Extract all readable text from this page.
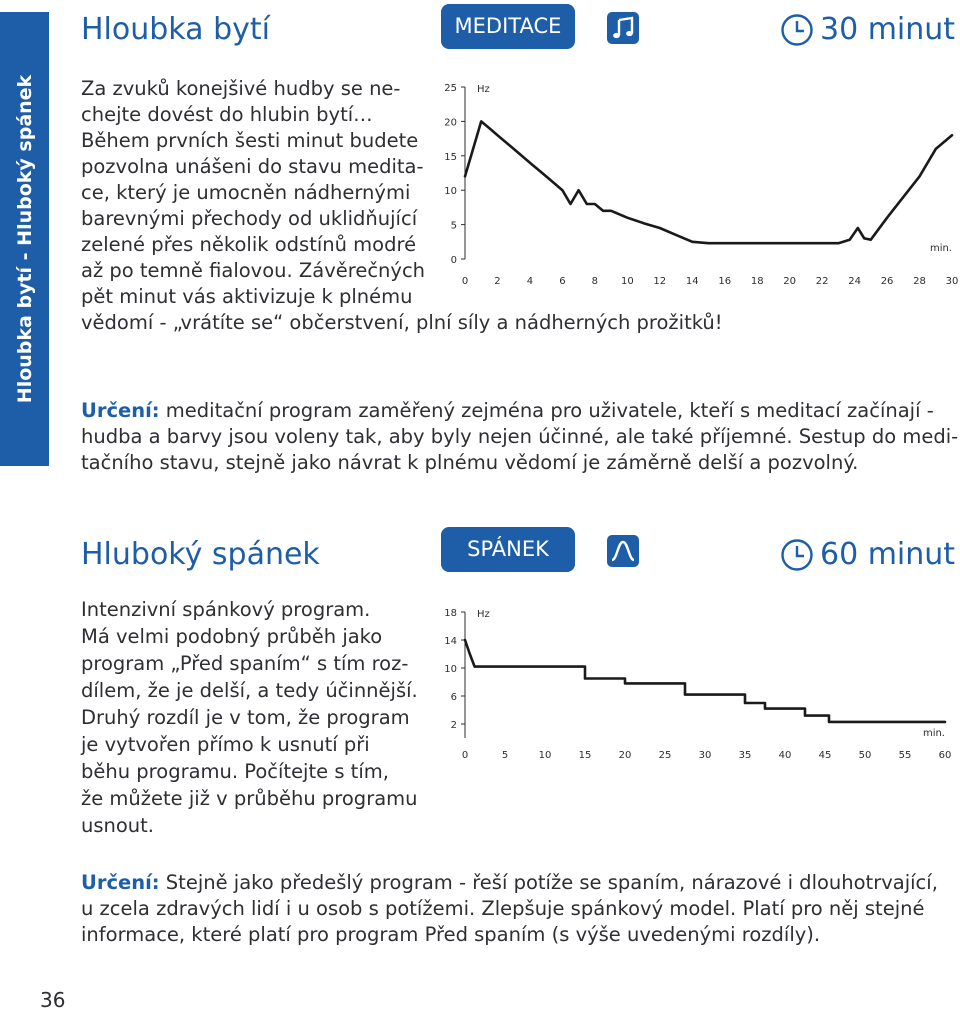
Hloubka bytí - Hluboký spánek
Hloubka bytí	MEDITACE	30 minut
Za zvuků konejšivé hudby se ne-
chejte dovést do hlubin bytí…
Během prvních šesti minut budete
pozvolna unášeni do stavu medita-
ce, který je umocněn nádhernými
barevnými přechody od uklidňující
zelené přes několik odstínů modré
až po temně fialovou. Závěrečných
pět minut vás aktivizuje k plnému
vědomí - „vrátíte se“ občerstvení, plní síly a nádherných prožitků!
0
5
10
15
20
25
0	2	4	6	8 10 12 14 16 18 20 22 24 26 28 30
Hz
min.
Určení: meditační program zaměřený zejména pro uživatele, kteří s meditací začínají -
hudba a barvy jsou voleny tak, aby byly nejen účinné, ale také příjemné. Sestup do medi-
tačního stavu, stejně jako návrat k plnému vědomí je záměrně delší a pozvolný.
Hluboký spánek	SPÁNEK	60 minut
Intenzivní spánkový program.
Má velmi podobný průběh jako
program „Před spaním“ s tím roz-
dílem, že je delší, a tedy účinnější.
Druhý rozdíl je v tom, že program
je vytvořen přímo k usnutí při
běhu programu. Počítejte s tím,
že můžete již v průběhu programu
usnout.
2
6
10
14
18
0	5	10	15	20	25	30	35	40	45	50	55	60
Hz
min.
Určení: Stejně jako předešlý program - řeší potíže se spaním, nárazové i dlouhotrvající,
u zcela zdravých lidí i u osob s potížemi. Zlepšuje spánkový model. Platí pro něj stejné
informace, které platí pro program Před spaním (s výše uvedenými rozdíly).
36
